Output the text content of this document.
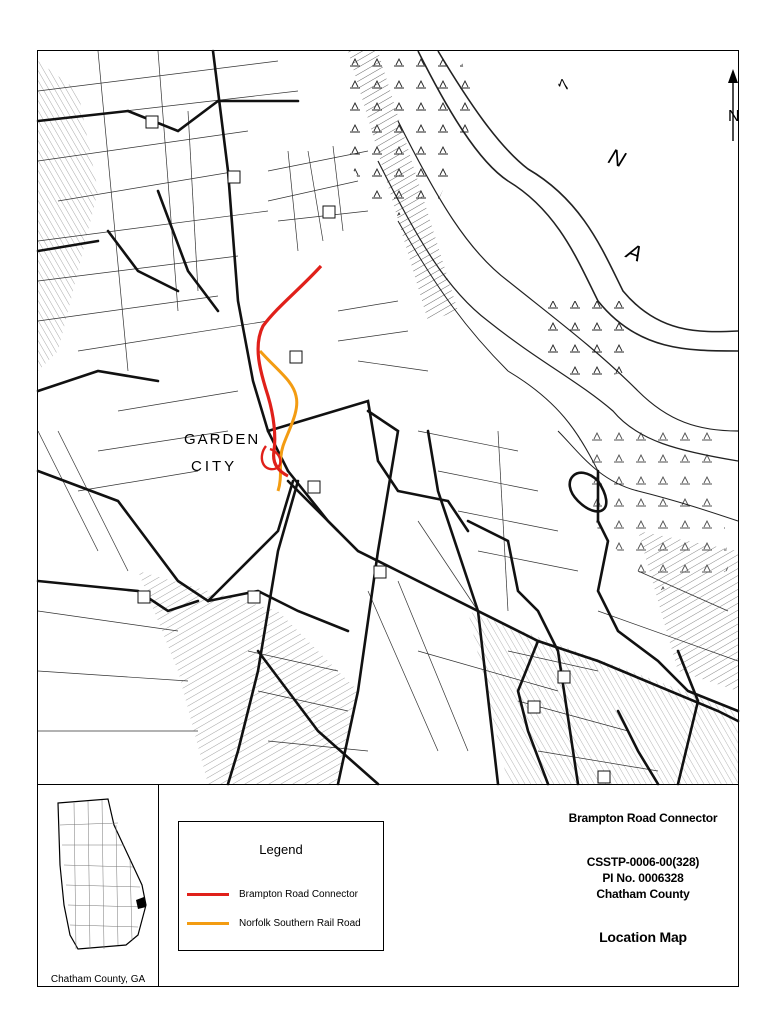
N
ﾍ
N
A
GARDEN
CITY
Chatham County, GA
Legend
Brampton Road Connector
Norfolk Southern Rail Road
Brampton Road Connector
CSSTP-0006-00(328)
PI No. 0006328
Chatham County
Location Map
